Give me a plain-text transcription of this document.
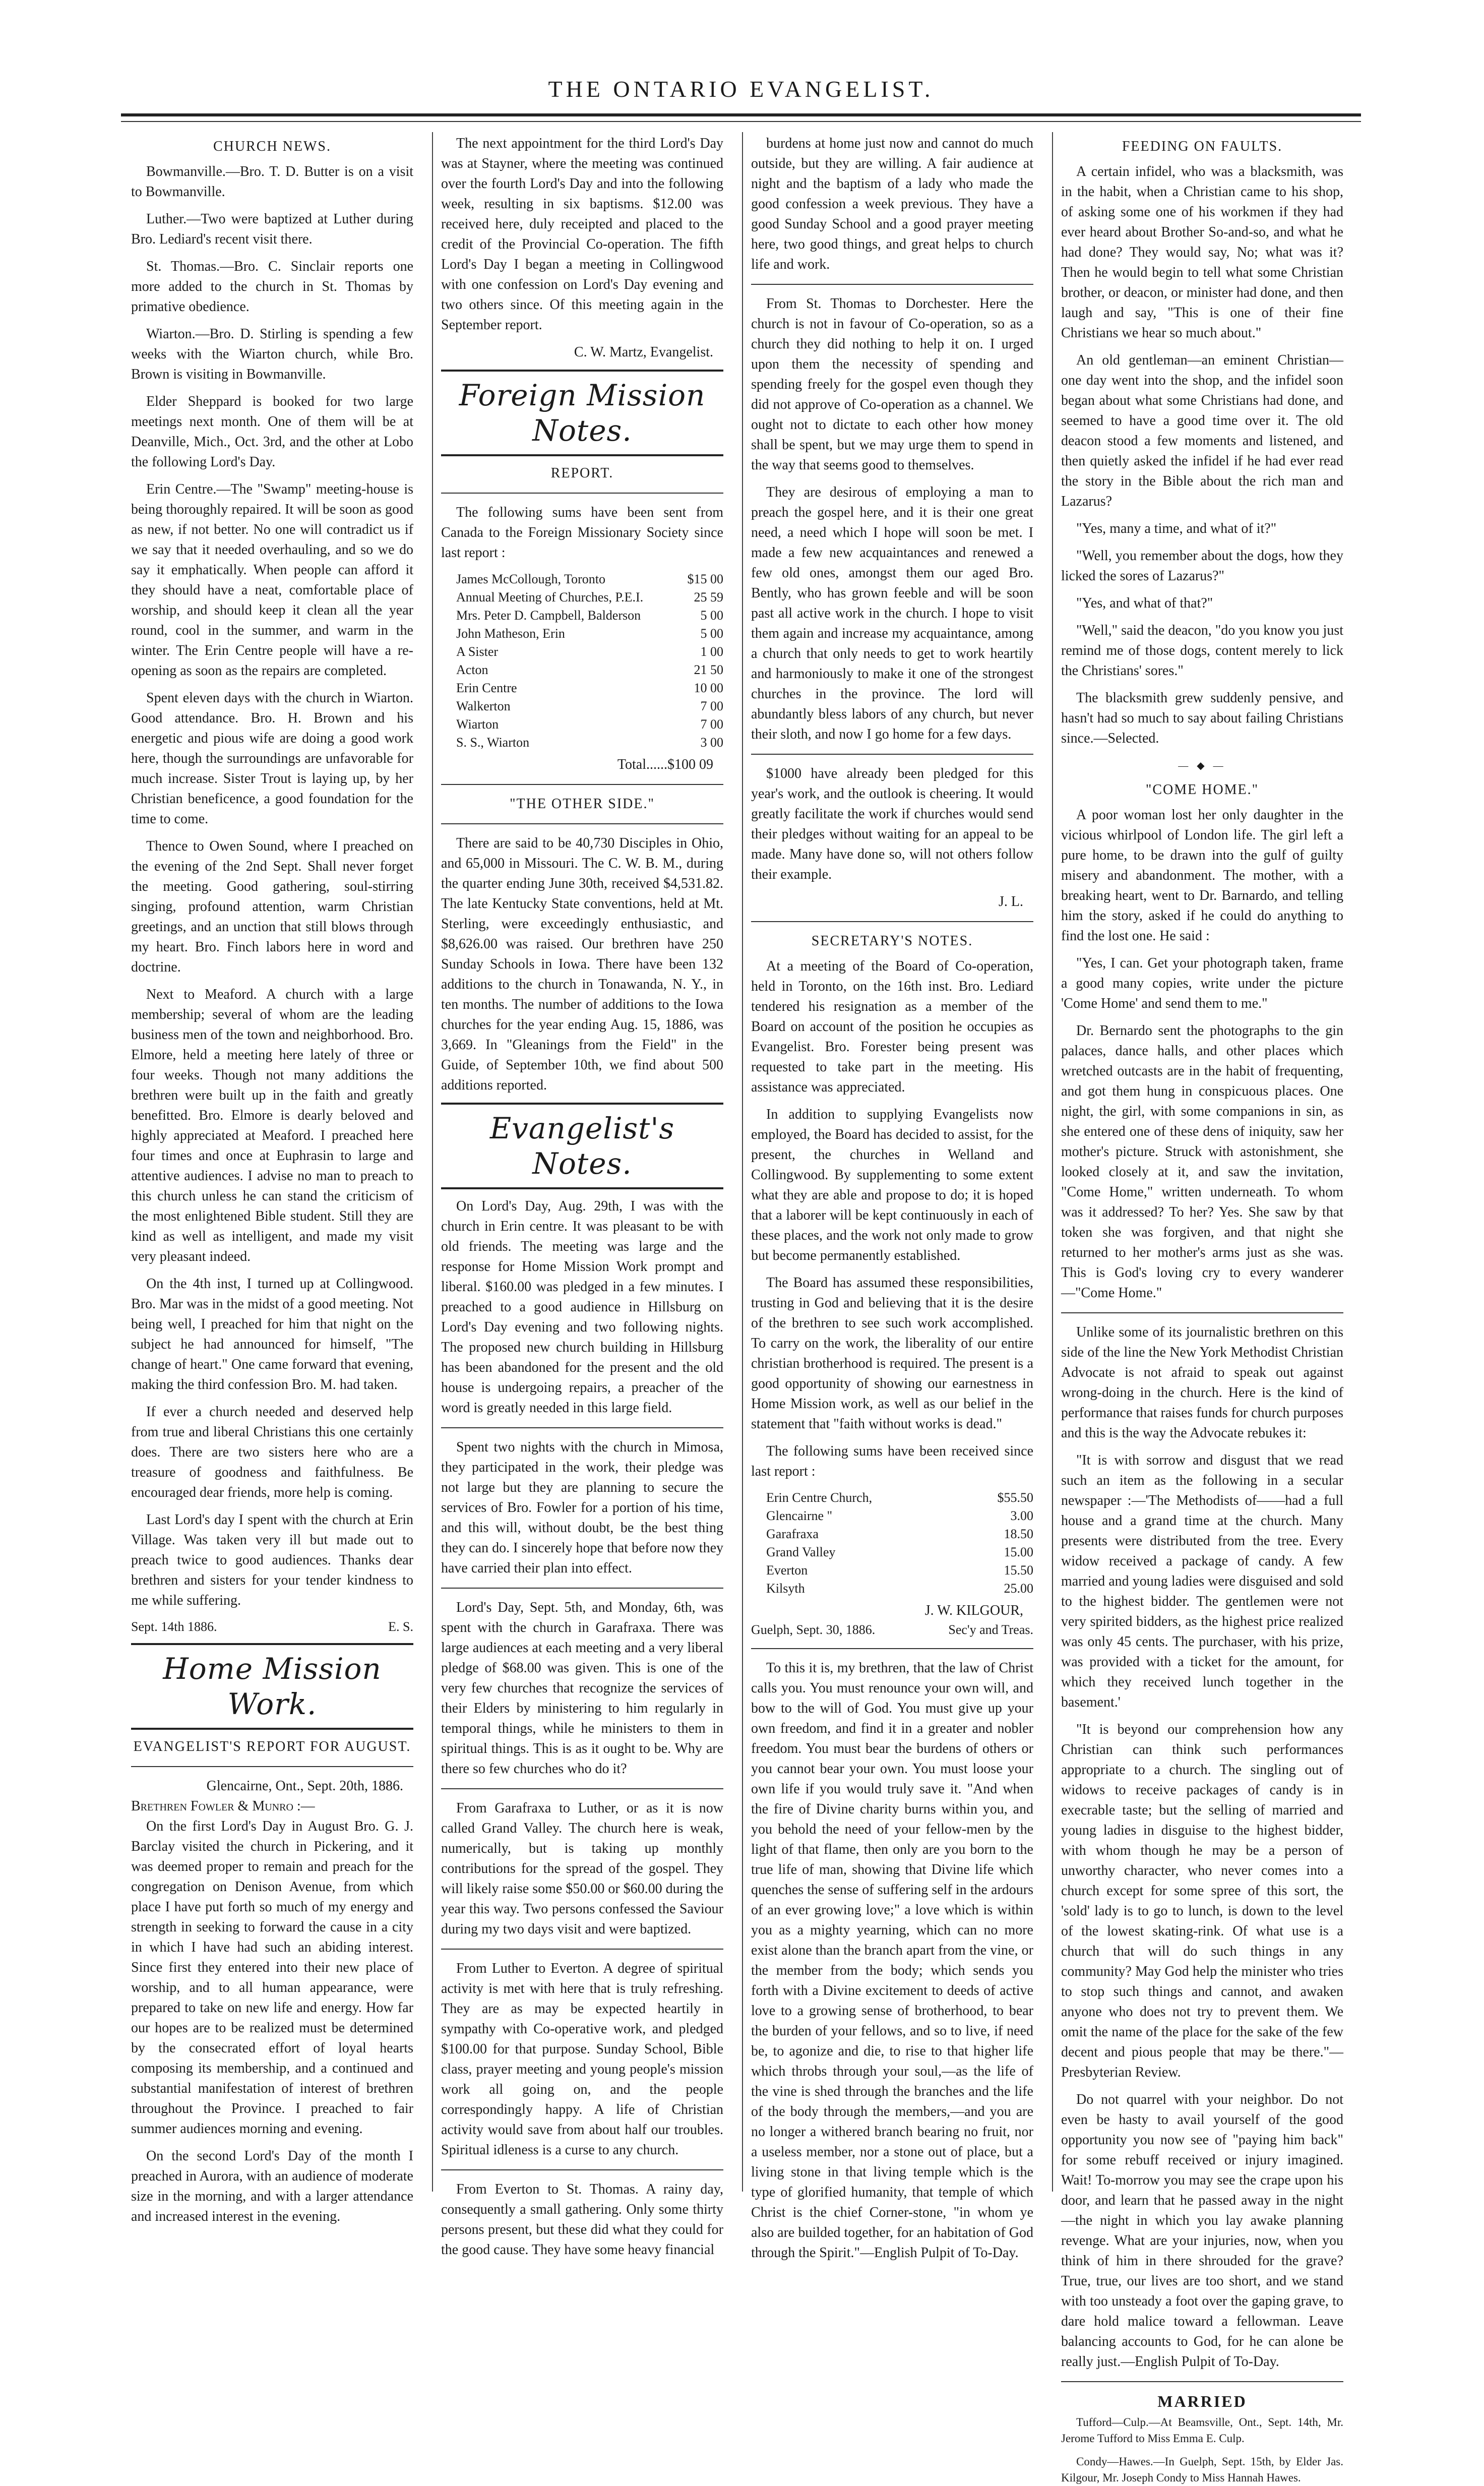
THE ONTARIO EVANGELIST.
CHURCH NEWS.

Bowmanville.—Bro. T. D. Butter is on a visit to Bowmanville.

Luther.—Two were baptized at Luther during Bro. Lediard's recent visit there.

St. Thomas.—Bro. C. Sinclair reports one more added to the church in St. Thomas by primative obedience.

Wiarton.—Bro. D. Stirling is spending a few weeks with the Wiarton church, while Bro. Brown is visiting in Bowmanville.

Elder Sheppard is booked for two large meetings next month. One of them will be at Deanville, Mich., Oct. 3rd, and the other at Lobo the following Lord's Day.

Erin Centre.—The "Swamp" meeting-house is being thoroughly repaired. It will be soon as good as new, if not better. No one will contradict us if we say that it needed overhauling, and so we do say it emphatically. When people can afford it they should have a neat, comfortable place of worship, and should keep it clean all the year round, cool in the summer, and warm in the winter. The Erin Centre people will have a re-opening as soon as the repairs are completed.

Spent eleven days with the church in Wiarton. Good attendance. Bro. H. Brown and his energetic and pious wife are doing a good work here, though the surroundings are unfavorable for much increase. Sister Trout is laying up, by her Christian beneficence, a good foundation for the time to come.

Thence to Owen Sound, where I preached on the evening of the 2nd Sept. Shall never forget the meeting. Good gathering, soul-stirring singing, profound attention, warm Christian greetings, and an unction that still blows through my heart. Bro. Finch labors here in word and doctrine.

Next to Meaford. A church with a large membership; several of whom are the leading business men of the town and neighborhood. Bro. Elmore, held a meeting here lately of three or four weeks. Though not many additions the brethren were built up in the faith and greatly benefitted. Bro. Elmore is dearly beloved and highly appreciated at Meaford. I preached here four times and once at Euphrasin to large and attentive audiences. I advise no man to preach to this church unless he can stand the criticism of the most enlightened Bible student. Still they are kind as well as intelligent, and made my visit very pleasant indeed.

On the 4th inst, I turned up at Collingwood. Bro. Mar was in the midst of a good meeting. Not being well, I preached for him that night on the subject he had announced for himself, "The change of heart." One came forward that evening, making the third confession Bro. M. had taken.

If ever a church needed and deserved help from true and liberal Christians this one certainly does. There are two sisters here who are a treasure of goodness and faithfulness. Be encouraged dear friends, more help is coming.

Last Lord's day I spent with the church at Erin Village. Was taken very ill but made out to preach twice to good audiences. Thanks dear brethren and sisters for your tender kindness to me while suffering.

Sept. 14th 1886.	E. S.
Home Mission Work.
EVANGELIST'S REPORT FOR AUGUST.
Glencairne, Ont., Sept. 20th, 1886.
Brethren Fowler & Munro :—

On the first Lord's Day in August Bro. G. J. Barclay visited the church in Pickering, and it was deemed proper to remain and preach for the congregation on Denison Avenue, from which place I have put forth so much of my energy and strength in seeking to forward the cause in a city in which I have had such an abiding interest. Since first they entered into their new place of worship, and to all human appearance, were prepared to take on new life and energy. How far our hopes are to be realized must be determined by the consecrated effort of loyal hearts composing its membership, and a continued and substantial manifestation of interest of brethren throughout the Province. I preached to fair summer audiences morning and evening.

On the second Lord's Day of the month I preached in Aurora, with an audience of moderate size in the morning, and with a larger attendance and increased interest in the evening.

The next appointment for the third Lord's Day was at Stayner, where the meeting was continued over the fourth Lord's Day and into the following week, resulting in six baptisms. $12.00 was received here, duly receipted and placed to the credit of the Provincial Co-operation. The fifth Lord's Day I began a meeting in Collingwood with one confession on Lord's Day evening and two others since. Of this meeting again in the September report.

C. W. Martz, Evangelist.
Foreign Mission Notes.
REPORT.

The following sums have been sent from Canada to the Foreign Missionary Society since last report :

James McCollough, Toronto	$15 00
Annual Meeting of Churches, P.E.I.	25 59
Mrs. Peter D. Campbell, Balderson	5 00
John Matheson, Erin	5 00
A Sister	1 00
Acton	21 50
Erin Centre	10 00
Walkerton	7 00
Wiarton	7 00
S. S., Wiarton	3 00
Total......$100 09
"THE OTHER SIDE."

There are said to be 40,730 Disciples in Ohio, and 65,000 in Missouri. The C. W. B. M., during the quarter ending June 30th, received $4,531.82. The late Kentucky State conventions, held at Mt. Sterling, were exceedingly enthusiastic, and $8,626.00 was raised. Our brethren have 250 Sunday Schools in Iowa. There have been 132 additions to the church in Tonawanda, N. Y., in ten months. The number of additions to the Iowa churches for the year ending Aug. 15, 1886, was 3,669. In "Gleanings from the Field" in the Guide, of September 10th, we find about 500 additions reported.

Evangelist's Notes.

On Lord's Day, Aug. 29th, I was with the church in Erin centre. It was pleasant to be with old friends. The meeting was large and the response for Home Mission Work prompt and liberal. $160.00 was pledged in a few minutes. I preached to a good audience in Hillsburg on Lord's Day evening and two following nights. The proposed new church building in Hillsburg has been abandoned for the present and the old house is undergoing repairs, a preacher of the word is greatly needed in this large field.

Spent two nights with the church in Mimosa, they participated in the work, their pledge was not large but they are planning to secure the services of Bro. Fowler for a portion of his time, and this will, without doubt, be the best thing they can do. I sincerely hope that before now they have carried their plan into effect.

Lord's Day, Sept. 5th, and Monday, 6th, was spent with the church in Garafraxa. There was large audiences at each meeting and a very liberal pledge of $68.00 was given. This is one of the very few churches that recognize the services of their Elders by ministering to him regularly in temporal things, while he ministers to them in spiritual things. This is as it ought to be. Why are there so few churches who do it?

From Garafraxa to Luther, or as it is now called Grand Valley. The church here is weak, numerically, but is taking up monthly contributions for the spread of the gospel. They will likely raise some $50.00 or $60.00 during the year this way. Two persons confessed the Saviour during my two days visit and were baptized.

From Luther to Everton. A degree of spiritual activity is met with here that is truly refreshing. They are as may be expected heartily in sympathy with Co-operative work, and pledged $100.00 for that purpose. Sunday School, Bible class, prayer meeting and young people's mission work all going on, and the people correspondingly happy. A life of Christian activity would save from about half our troubles. Spiritual idleness is a curse to any church.

From Everton to St. Thomas. A rainy day, consequently a small gathering. Only some thirty persons present, but these did what they could for the good cause. They have some heavy financial

burdens at home just now and cannot do much outside, but they are willing. A fair audience at night and the baptism of a lady who made the good confession a week previous. They have a good Sunday School and a good prayer meeting here, two good things, and great helps to church life and work.

From St. Thomas to Dorchester. Here the church is not in favour of Co-operation, so as a church they did nothing to help it on. I urged upon them the necessity of spending and spending freely for the gospel even though they did not approve of Co-operation as a channel. We ought not to dictate to each other how money shall be spent, but we may urge them to spend in the way that seems good to themselves.

They are desirous of employing a man to preach the gospel here, and it is their one great need, a need which I hope will soon be met. I made a few new acquaintances and renewed a few old ones, amongst them our aged Bro. Bently, who has grown feeble and will be soon past all active work in the church. I hope to visit them again and increase my acquaintance, among a church that only needs to get to work heartily and harmoniously to make it one of the strongest churches in the province. The lord will abundantly bless labors of any church, but never their sloth, and now I go home for a few days.

$1000 have already been pledged for this year's work, and the outlook is cheering. It would greatly facilitate the work if churches would send their pledges without waiting for an appeal to be made. Many have done so, will not others follow their example.

J. L.
SECRETARY'S NOTES.

At a meeting of the Board of Co-operation, held in Toronto, on the 16th inst. Bro. Lediard tendered his resignation as a member of the Board on account of the position he occupies as Evangelist. Bro. Forester being present was requested to take part in the meeting. His assistance was appreciated.

In addition to supplying Evangelists now employed, the Board has decided to assist, for the present, the churches in Welland and Collingwood. By supplementing to some extent what they are able and propose to do; it is hoped that a laborer will be kept continuously in each of these places, and the work not only made to grow but become permanently established.

The Board has assumed these responsibilities, trusting in God and believing that it is the desire of the brethren to see such work accomplished. To carry on the work, the liberality of our entire christian brotherhood is required. The present is a good opportunity of showing our earnestness in Home Mission work, as well as our belief in the statement that "faith without works is dead."

The following sums have been received since last report :

Erin Centre Church,	$55.50
Glencairne "	3.00
Garafraxa	18.50
Grand Valley	15.00
Everton	15.50
Kilsyth	25.00
J. W. KILGOUR,
Guelph, Sept. 30, 1886.	Sec'y and Treas.

To this it is, my brethren, that the law of Christ calls you. You must renounce your own will, and bow to the will of God. You must give up your own freedom, and find it in a greater and nobler freedom. You must bear the burdens of others or you cannot bear your own. You must loose your own life if you would truly save it. "And when the fire of Divine charity burns within you, and you behold the need of your fellow-men by the light of that flame, then only are you born to the true life of man, showing that Divine life which quenches the sense of suffering self in the ardours of an ever growing love;" a love which is within you as a mighty yearning, which can no more exist alone than the branch apart from the vine, or the member from the body; which sends you forth with a Divine excitement to deeds of active love to a growing sense of brotherhood, to bear the burden of your fellows, and so to live, if need be, to agonize and die, to rise to that higher life which throbs through your soul,—as the life of the vine is shed through the branches and the life of the body through the members,—and you are no longer a withered branch bearing no fruit, nor a useless member, nor a stone out of place, but a living stone in that living temple which is the type of glorified humanity, that temple of which Christ is the chief Corner-stone, "in whom ye also are builded together, for an habitation of God through the Spirit."—English Pulpit of To-Day.

FEEDING ON FAULTS.

A certain infidel, who was a blacksmith, was in the habit, when a Christian came to his shop, of asking some one of his workmen if they had ever heard about Brother So-and-so, and what he had done? They would say, No; what was it? Then he would begin to tell what some Christian brother, or deacon, or minister had done, and then laugh and say, "This is one of their fine Christians we hear so much about."

An old gentleman—an eminent Christian—one day went into the shop, and the infidel soon began about what some Christians had done, and seemed to have a good time over it. The old deacon stood a few moments and listened, and then quietly asked the infidel if he had ever read the story in the Bible about the rich man and Lazarus?

"Yes, many a time, and what of it?"

"Well, you remember about the dogs, how they licked the sores of Lazarus?"

"Yes, and what of that?"

"Well," said the deacon, "do you know you just remind me of those dogs, content merely to lick the Christians' sores."

The blacksmith grew suddenly pensive, and hasn't had so much to say about failing Christians since.—Selected.

— ◆ —
"COME HOME."

A poor woman lost her only daughter in the vicious whirlpool of London life. The girl left a pure home, to be drawn into the gulf of guilty misery and abandonment. The mother, with a breaking heart, went to Dr. Barnardo, and telling him the story, asked if he could do anything to find the lost one. He said :

"Yes, I can. Get your photograph taken, frame a good many copies, write under the picture 'Come Home' and send them to me."

Dr. Bernardo sent the photographs to the gin palaces, dance halls, and other places which wretched outcasts are in the habit of frequenting, and got them hung in conspicuous places. One night, the girl, with some companions in sin, as she entered one of these dens of iniquity, saw her mother's picture. Struck with astonishment, she looked closely at it, and saw the invitation, "Come Home," written underneath. To whom was it addressed? To her? Yes. She saw by that token she was forgiven, and that night she returned to her mother's arms just as she was. This is God's loving cry to every wanderer—"Come Home."

Unlike some of its journalistic brethren on this side of the line the New York Methodist Christian Advocate is not afraid to speak out against wrong-doing in the church. Here is the kind of performance that raises funds for church purposes and this is the way the Advocate rebukes it:

"It is with sorrow and disgust that we read such an item as the following in a secular newspaper :—'The Methodists of——had a full house and a grand time at the church. Many presents were distributed from the tree. Every widow received a package of candy. A few married and young ladies were disguised and sold to the highest bidder. The gentlemen were not very spirited bidders, as the highest price realized was only 45 cents. The purchaser, with his prize, was provided with a ticket for the amount, for which they received lunch together in the basement.'

"It is beyond our comprehension how any Christian can think such performances appropriate to a church. The singling out of widows to receive packages of candy is in execrable taste; but the selling of married and young ladies in disguise to the highest bidder, with whom though he may be a person of unworthy character, who never comes into a church except for some spree of this sort, the 'sold' lady is to go to lunch, is down to the level of the lowest skating-rink. Of what use is a church that will do such things in any community? May God help the minister who tries to stop such things and cannot, and awaken anyone who does not try to prevent them. We omit the name of the place for the sake of the few decent and pious people that may be there."—Presbyterian Review.

Do not quarrel with your neighbor. Do not even be hasty to avail yourself of the good opportunity you now see of "paying him back" for some rebuff received or injury imagined. Wait! To-morrow you may see the crape upon his door, and learn that he passed away in the night—the night in which you lay awake planning revenge. What are your injuries, now, when you think of him in there shrouded for the grave? True, true, our lives are too short, and we stand with too unsteady a foot over the gaping grave, to dare hold malice toward a fellowman. Leave balancing accounts to God, for he can alone be really just.—English Pulpit of To-Day.

MARRIED

Tufford—Culp.—At Beamsville, Ont., Sept. 14th, Mr. Jerome Tufford to Miss Emma E. Culp.

Condy—Hawes.—In Guelph, Sept. 15th, by Elder Jas. Kilgour, Mr. Joseph Condy to Miss Hannah Hawes.
